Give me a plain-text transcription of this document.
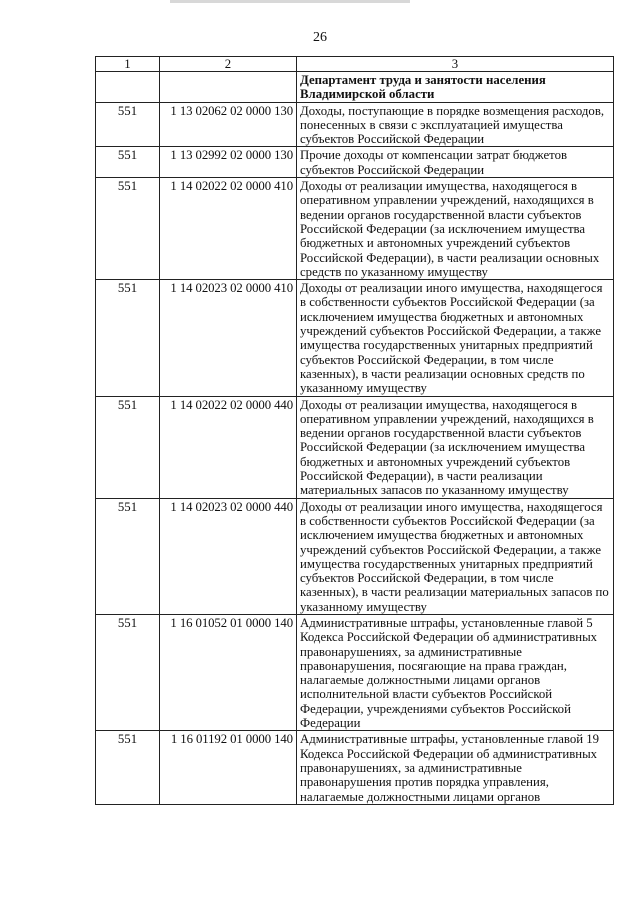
26
1	2	3
		Департамент труда и занятости населения Владимирской области
551	1 13 02062 02 0000 130	Доходы, поступающие в порядке возмещения расходов, понесенных в связи с эксплуатацией имущества субъектов Российской Федерации
551	1 13 02992 02 0000 130	Прочие доходы от компенсации затрат бюджетов субъектов Российской Федерации
551	1 14 02022 02 0000 410	Доходы от реализации имущества, находящегося в оперативном управлении учреждений, находящихся в ведении органов государственной власти субъектов Российской Федерации (за исключением имущества бюджетных и автономных учреждений субъектов Российской Федерации), в части реализации основных средств по указанному имуществу
551	1 14 02023 02 0000 410	Доходы от реализации иного имущества, находящегося в собственности субъектов Российской Федерации (за исключением имущества бюджетных и автономных учреждений субъектов Российской Федерации, а также имущества государственных унитарных предприятий субъектов Российской Федерации, в том числе казенных), в части реализации основных средств по указанному имуществу
551	1 14 02022 02 0000 440	Доходы от реализации имущества, находящегося в оперативном управлении учреждений, находящихся в ведении органов государственной власти субъектов Российской Федерации (за исключением имущества бюджетных и автономных учреждений субъектов Российской Федерации), в части реализации материальных запасов по указанному имуществу
551	1 14 02023 02 0000 440	Доходы от реализации иного имущества, находящегося в собственности субъектов Российской Федерации (за исключением имущества бюджетных и автономных учреждений субъектов Российской Федерации, а также имущества государственных унитарных предприятий субъектов Российской Федерации, в том числе казенных), в части реализации материальных запасов по указанному имуществу
551	1 16 01052 01 0000 140	Административные штрафы, установленные главой 5 Кодекса Российской Федерации об административных правонарушениях, за административные правонарушения, посягающие на права граждан, налагаемые должностными лицами органов исполнительной власти субъектов Российской Федерации, учреждениями субъектов Российской Федерации
551	1 16 01192 01 0000 140	Административные штрафы, установленные главой 19 Кодекса Российской Федерации об административных правонарушениях, за административные правонарушения против порядка управления, налагаемые должностными лицами органов
